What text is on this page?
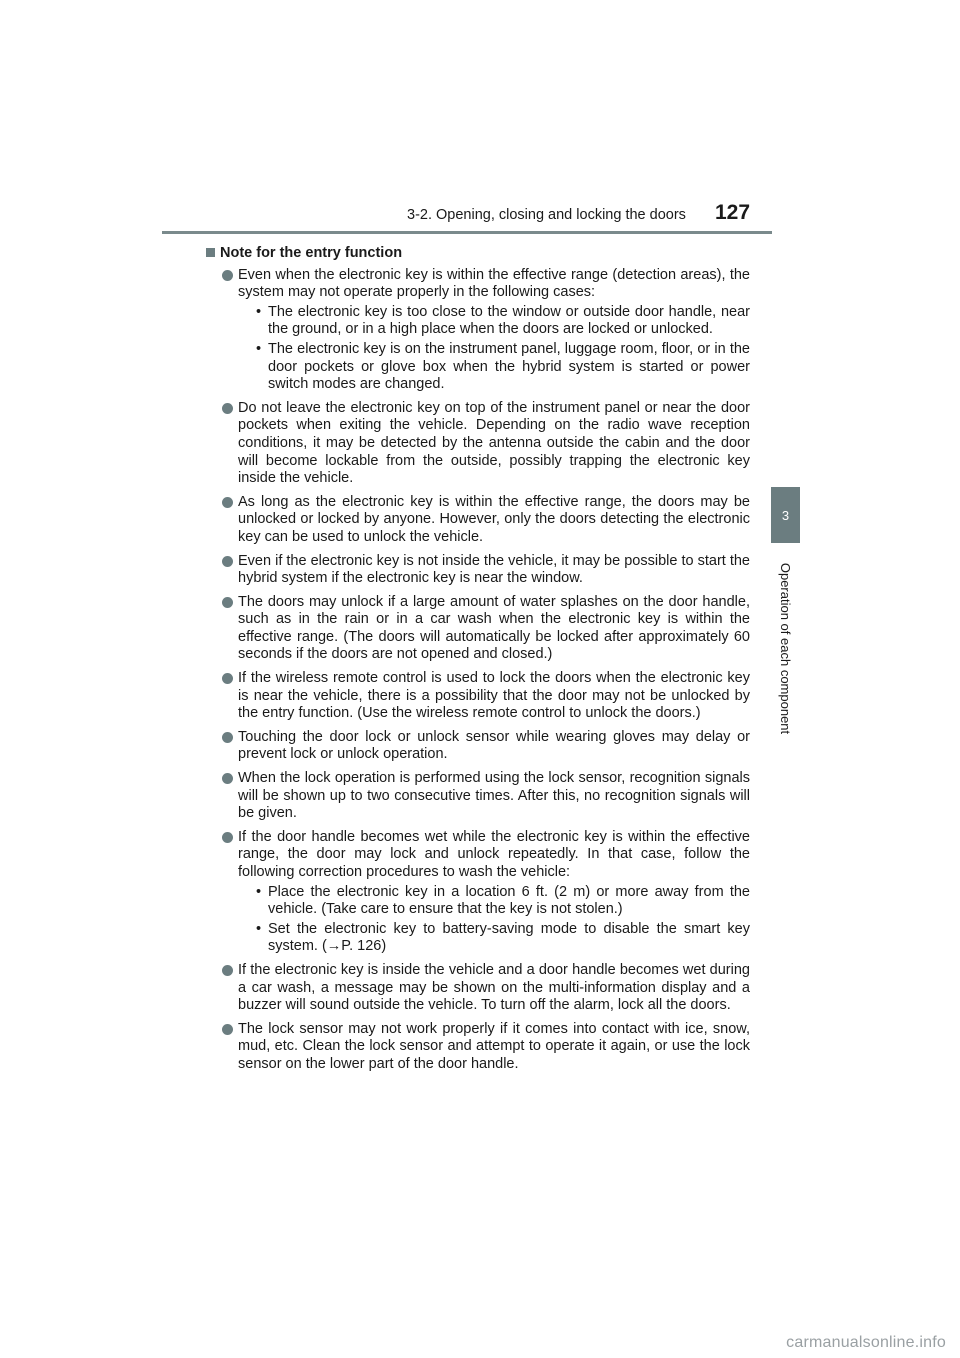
3-2. Opening, closing and locking the doors 127
3
Operation of each component
Note for the entry function
Even when the electronic key is within the effective range (detection areas), the system may not operate properly in the following cases:
• The electronic key is too close to the window or outside door handle, near the ground, or in a high place when the doors are locked or unlocked.
• The electronic key is on the instrument panel, luggage room, floor, or in the door pockets or glove box when the hybrid system is started or power switch modes are changed.
Do not leave the electronic key on top of the instrument panel or near the door pockets when exiting the vehicle. Depending on the radio wave reception conditions, it may be detected by the antenna outside the cabin and the door will become lockable from the outside, possibly trapping the electronic key inside the vehicle.
As long as the electronic key is within the effective range, the doors may be unlocked or locked by anyone. However, only the doors detecting the electronic key can be used to unlock the vehicle.
Even if the electronic key is not inside the vehicle, it may be possible to start the hybrid system if the electronic key is near the window.
The doors may unlock if a large amount of water splashes on the door handle, such as in the rain or in a car wash when the electronic key is within the effective range. (The doors will automatically be locked after approximately 60 seconds if the doors are not opened and closed.)
If the wireless remote control is used to lock the doors when the electronic key is near the vehicle, there is a possibility that the door may not be unlocked by the entry function. (Use the wireless remote control to unlock the doors.)
Touching the door lock or unlock sensor while wearing gloves may delay or prevent lock or unlock operation.
When the lock operation is performed using the lock sensor, recognition signals will be shown up to two consecutive times. After this, no recognition signals will be given.
If the door handle becomes wet while the electronic key is within the effective range, the door may lock and unlock repeatedly. In that case, follow the following correction procedures to wash the vehicle:
• Place the electronic key in a location 6 ft. (2 m) or more away from the vehicle. (Take care to ensure that the key is not stolen.)
• Set the electronic key to battery-saving mode to disable the smart key system. (→P. 126)
If the electronic key is inside the vehicle and a door handle becomes wet during a car wash, a message may be shown on the multi-information display and a buzzer will sound outside the vehicle. To turn off the alarm, lock all the doors.
The lock sensor may not work properly if it comes into contact with ice, snow, mud, etc. Clean the lock sensor and attempt to operate it again, or use the lock sensor on the lower part of the door handle.
carmanualsonline.info
